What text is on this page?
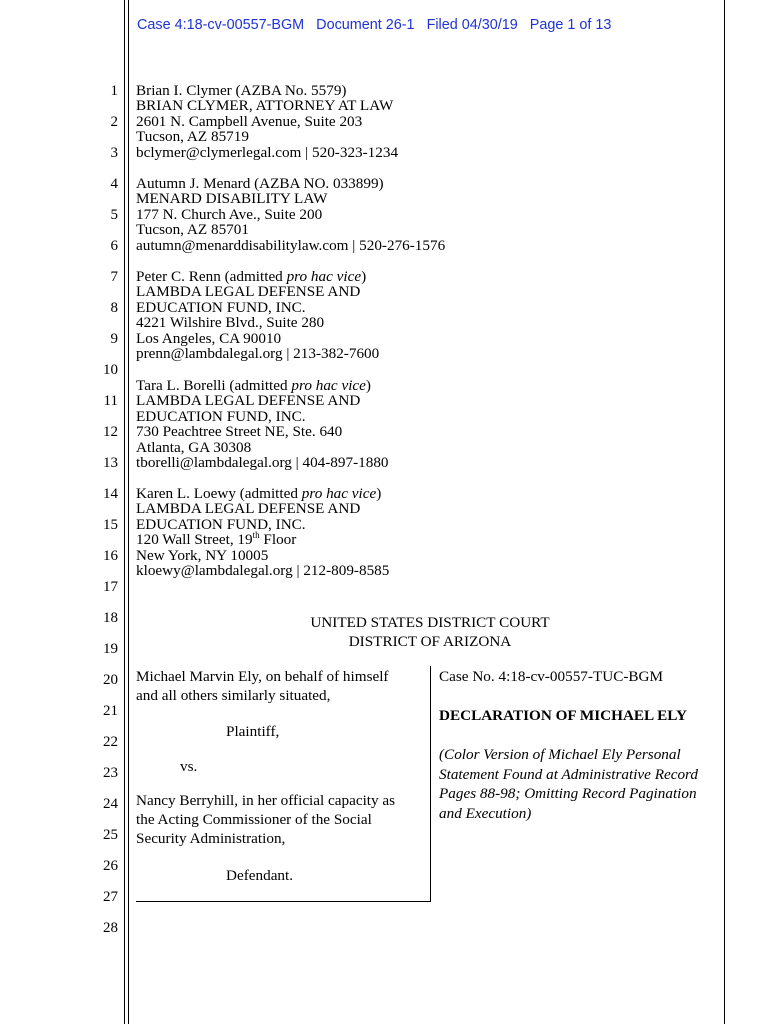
Case 4:18-cv-00557-BGM Document 26-1 Filed 04/30/19 Page 1 of 13
1
2
3
4
5
6
7
8
9
10
11
12
13
14
15
16
17
18
19
20
21
22
23
24
25
26
27
28
Brian I. Clymer (AZBA No. 5579)
BRIAN CLYMER, ATTORNEY AT LAW
2601 N. Campbell Avenue, Suite 203
Tucson, AZ 85719
bclymer@clymerlegal.com | 520-323-1234
Autumn J. Menard (AZBA NO. 033899)
MENARD DISABILITY LAW
177 N. Church Ave., Suite 200
Tucson, AZ 85701
autumn@menarddisabilitylaw.com | 520-276-1576
Peter C. Renn (admitted pro hac vice)
LAMBDA LEGAL DEFENSE AND
EDUCATION FUND, INC.
4221 Wilshire Blvd., Suite 280
Los Angeles, CA 90010
prenn@lambdalegal.org | 213-382-7600
Tara L. Borelli (admitted pro hac vice)
LAMBDA LEGAL DEFENSE AND
EDUCATION FUND, INC.
730 Peachtree Street NE, Ste. 640
Atlanta, GA 30308
tborelli@lambdalegal.org | 404-897-1880
Karen L. Loewy (admitted pro hac vice)
LAMBDA LEGAL DEFENSE AND
EDUCATION FUND, INC.
120 Wall Street, 19th Floor
New York, NY 10005
kloewy@lambdalegal.org | 212-809-8585
UNITED STATES DISTRICT COURT
DISTRICT OF ARIZONA
Michael Marvin Ely, on behalf of himself
and all others similarly situated,
Plaintiff,
vs.
Nancy Berryhill, in her official capacity as
the Acting Commissioner of the Social
Security Administration,
Defendant.
Case No. 4:18-cv-00557-TUC-BGM
DECLARATION OF MICHAEL ELY
(Color Version of Michael Ely Personal
Statement Found at Administrative Record
Pages 88-98; Omitting Record Pagination
and Execution)
